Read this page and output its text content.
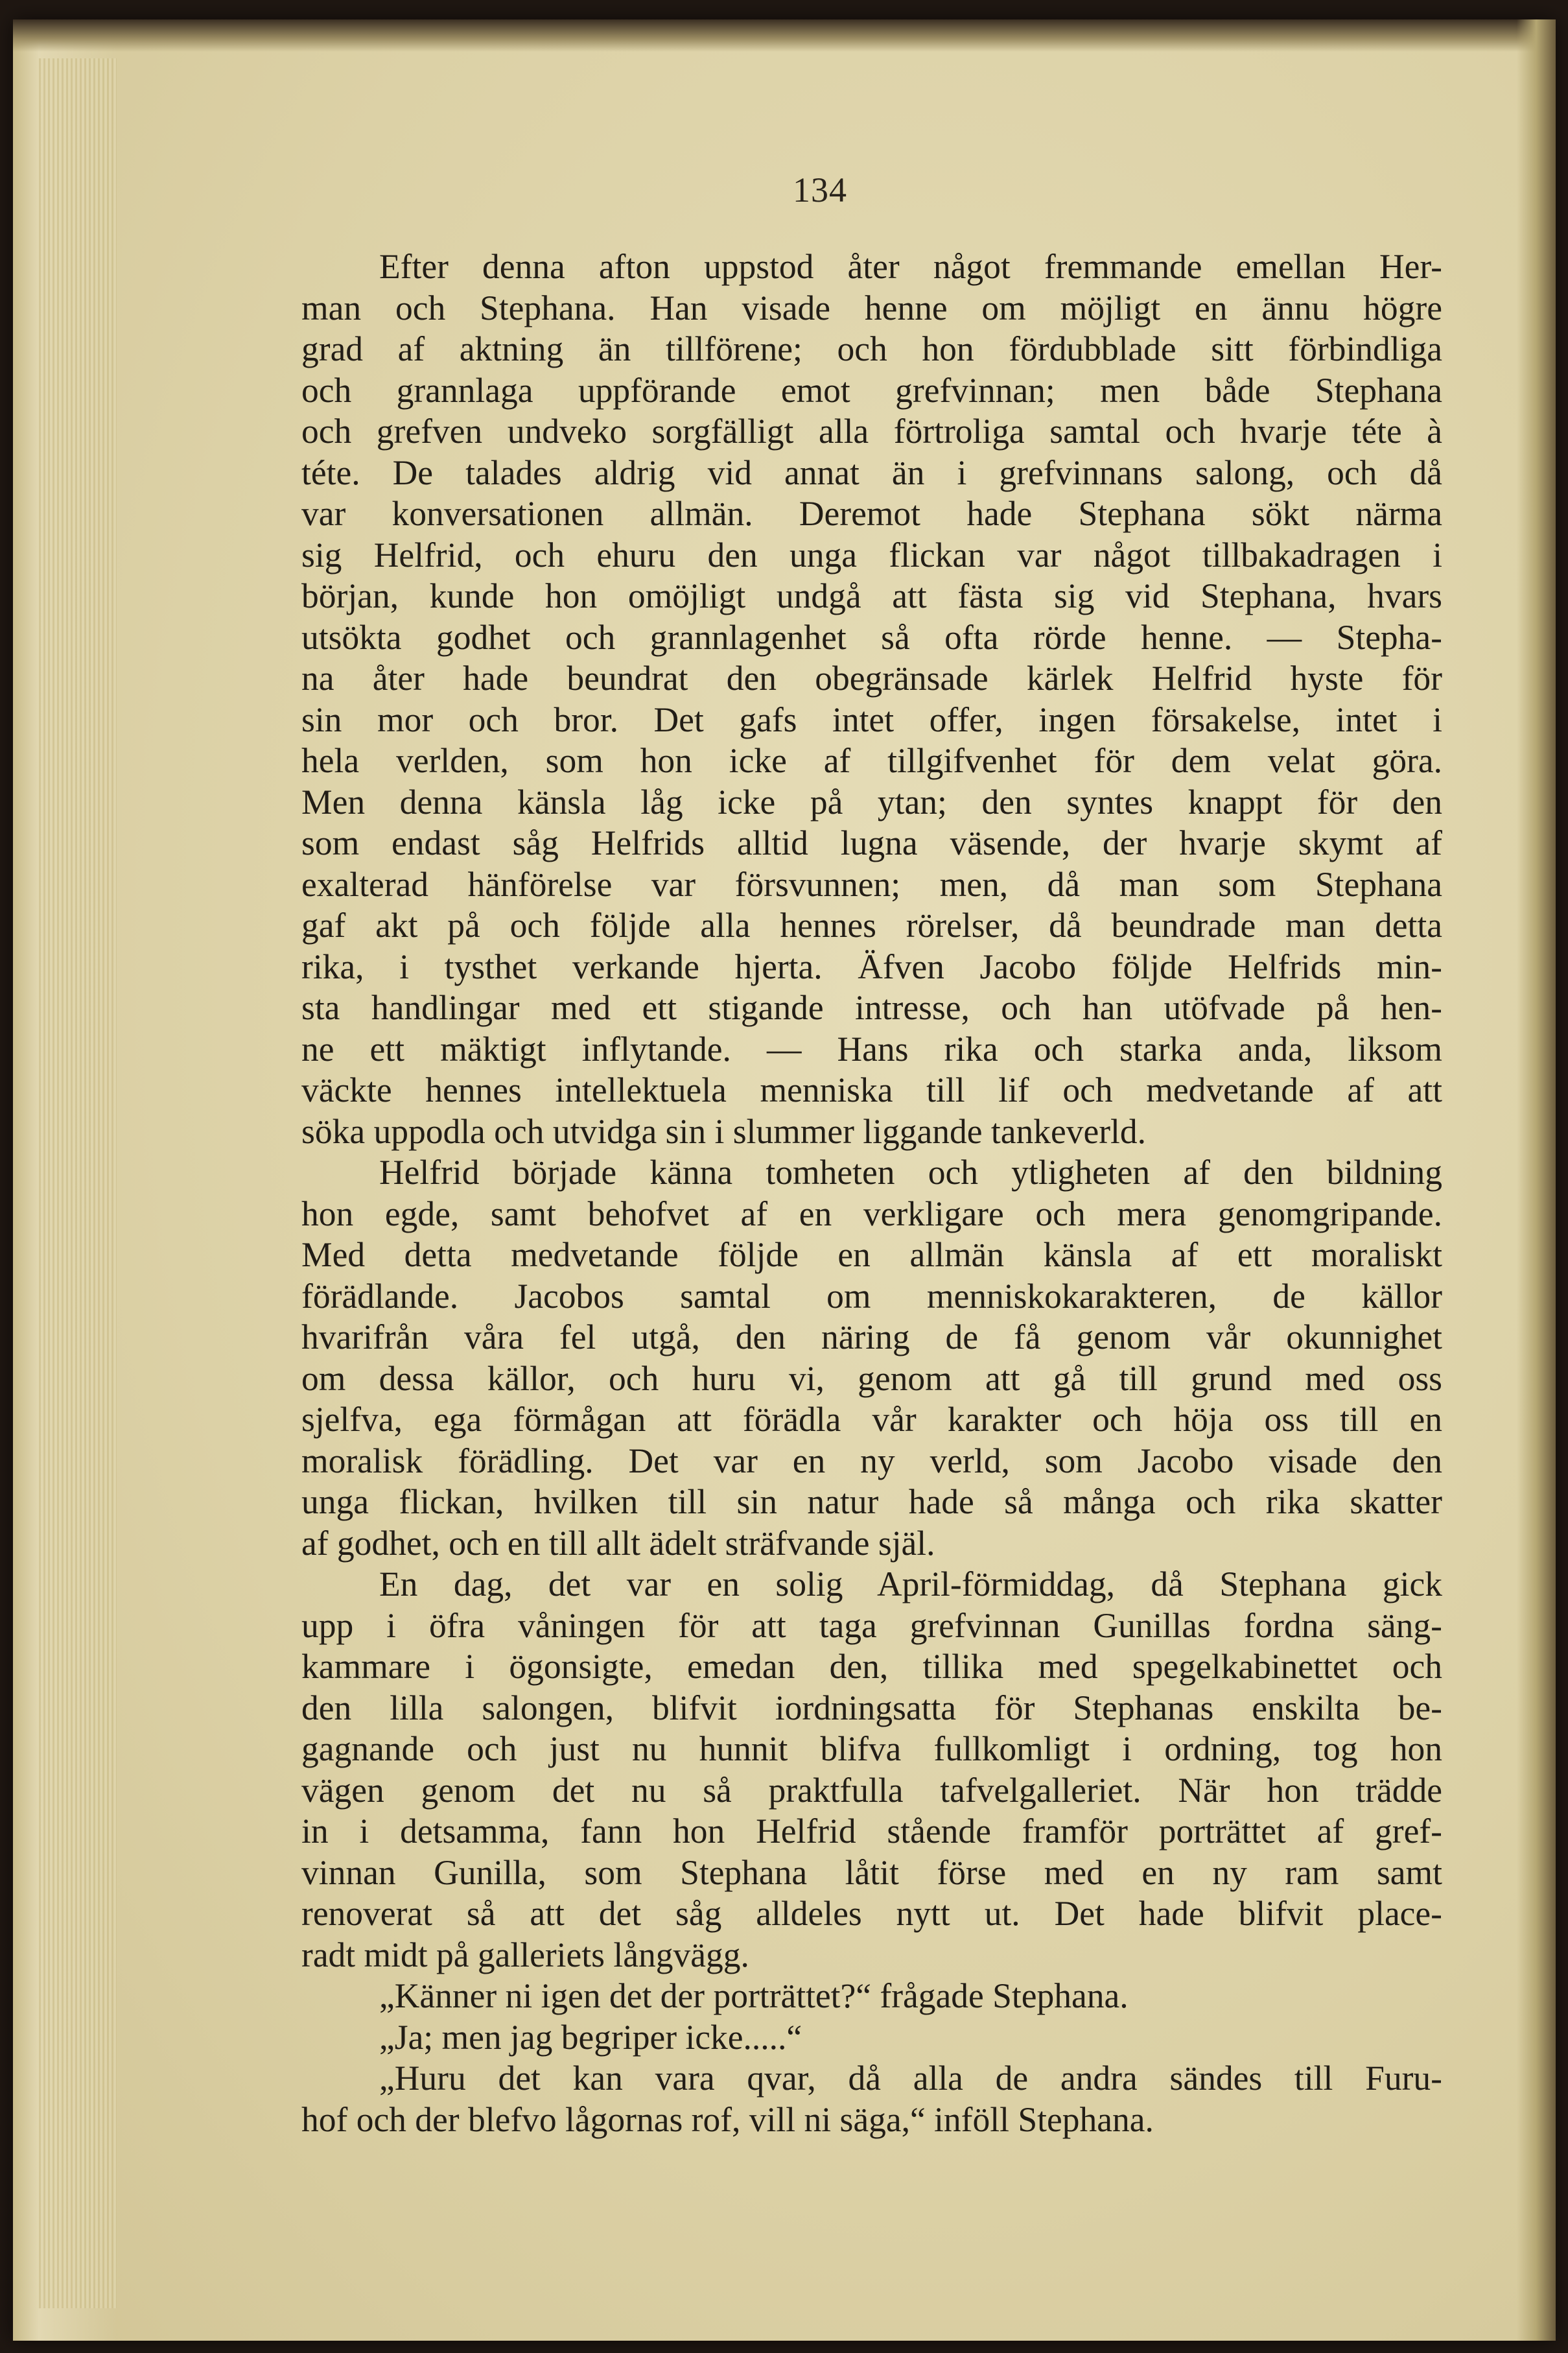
134
Efter denna afton uppstod åter något fremmande emellan Her-
man och Stephana. Han visade henne om möjligt en ännu högre
grad af aktning än tillförene; och hon fördubblade sitt förbindliga
och grannlaga uppförande emot grefvinnan; men både Stephana
och grefven undveko sorgfälligt alla förtroliga samtal och hvarje téte à
téte. De talades aldrig vid annat än i grefvinnans salong, och då
var konversationen allmän. Deremot hade Stephana sökt närma
sig Helfrid, och ehuru den unga flickan var något tillbakadragen i
början, kunde hon omöjligt undgå att fästa sig vid Stephana, hvars
utsökta godhet och grannlagenhet så ofta rörde henne. — Stepha-
na åter hade beundrat den obegränsade kärlek Helfrid hyste för
sin mor och bror. Det gafs intet offer, ingen försakelse, intet i
hela verlden, som hon icke af tillgifvenhet för dem velat göra.
Men denna känsla låg icke på ytan; den syntes knappt för den
som endast såg Helfrids alltid lugna väsende, der hvarje skymt af
exalterad hänförelse var försvunnen; men, då man som Stephana
gaf akt på och följde alla hennes rörelser, då beundrade man detta
rika, i tysthet verkande hjerta. Äfven Jacobo följde Helfrids min-
sta handlingar med ett stigande intresse, och han utöfvade på hen-
ne ett mäktigt inflytande. — Hans rika och starka anda, liksom
väckte hennes intellektuela menniska till lif och medvetande af att
söka uppodla och utvidga sin i slummer liggande tankeverld.
Helfrid började känna tomheten och ytligheten af den bildning
hon egde, samt behofvet af en verkligare och mera genomgripande.
Med detta medvetande följde en allmän känsla af ett moraliskt
förädlande. Jacobos samtal om menniskokarakteren, de källor
hvarifrån våra fel utgå, den näring de få genom vår okunnighet
om dessa källor, och huru vi, genom att gå till grund med oss
sjelfva, ega förmågan att förädla vår karakter och höja oss till en
moralisk förädling. Det var en ny verld, som Jacobo visade den
unga flickan, hvilken till sin natur hade så många och rika skatter
af godhet, och en till allt ädelt sträfvande själ.
En dag, det var en solig April-förmiddag, då Stephana gick
upp i öfra våningen för att taga grefvinnan Gunillas fordna säng-
kammare i ögonsigte, emedan den, tillika med spegelkabinettet och
den lilla salongen, blifvit iordningsatta för Stephanas enskilta be-
gagnande och just nu hunnit blifva fullkomligt i ordning, tog hon
vägen genom det nu så praktfulla tafvelgalleriet. När hon trädde
in i detsamma, fann hon Helfrid stående framför porträttet af gref-
vinnan Gunilla, som Stephana låtit förse med en ny ram samt
renoverat så att det såg alldeles nytt ut. Det hade blifvit place-
radt midt på galleriets långvägg.
„Känner ni igen det der porträttet?“ frågade Stephana.
„Ja; men jag begriper icke.....“
„Huru det kan vara qvar, då alla de andra sändes till Furu-
hof och der blefvo lågornas rof, vill ni säga,“ inföll Stephana.
